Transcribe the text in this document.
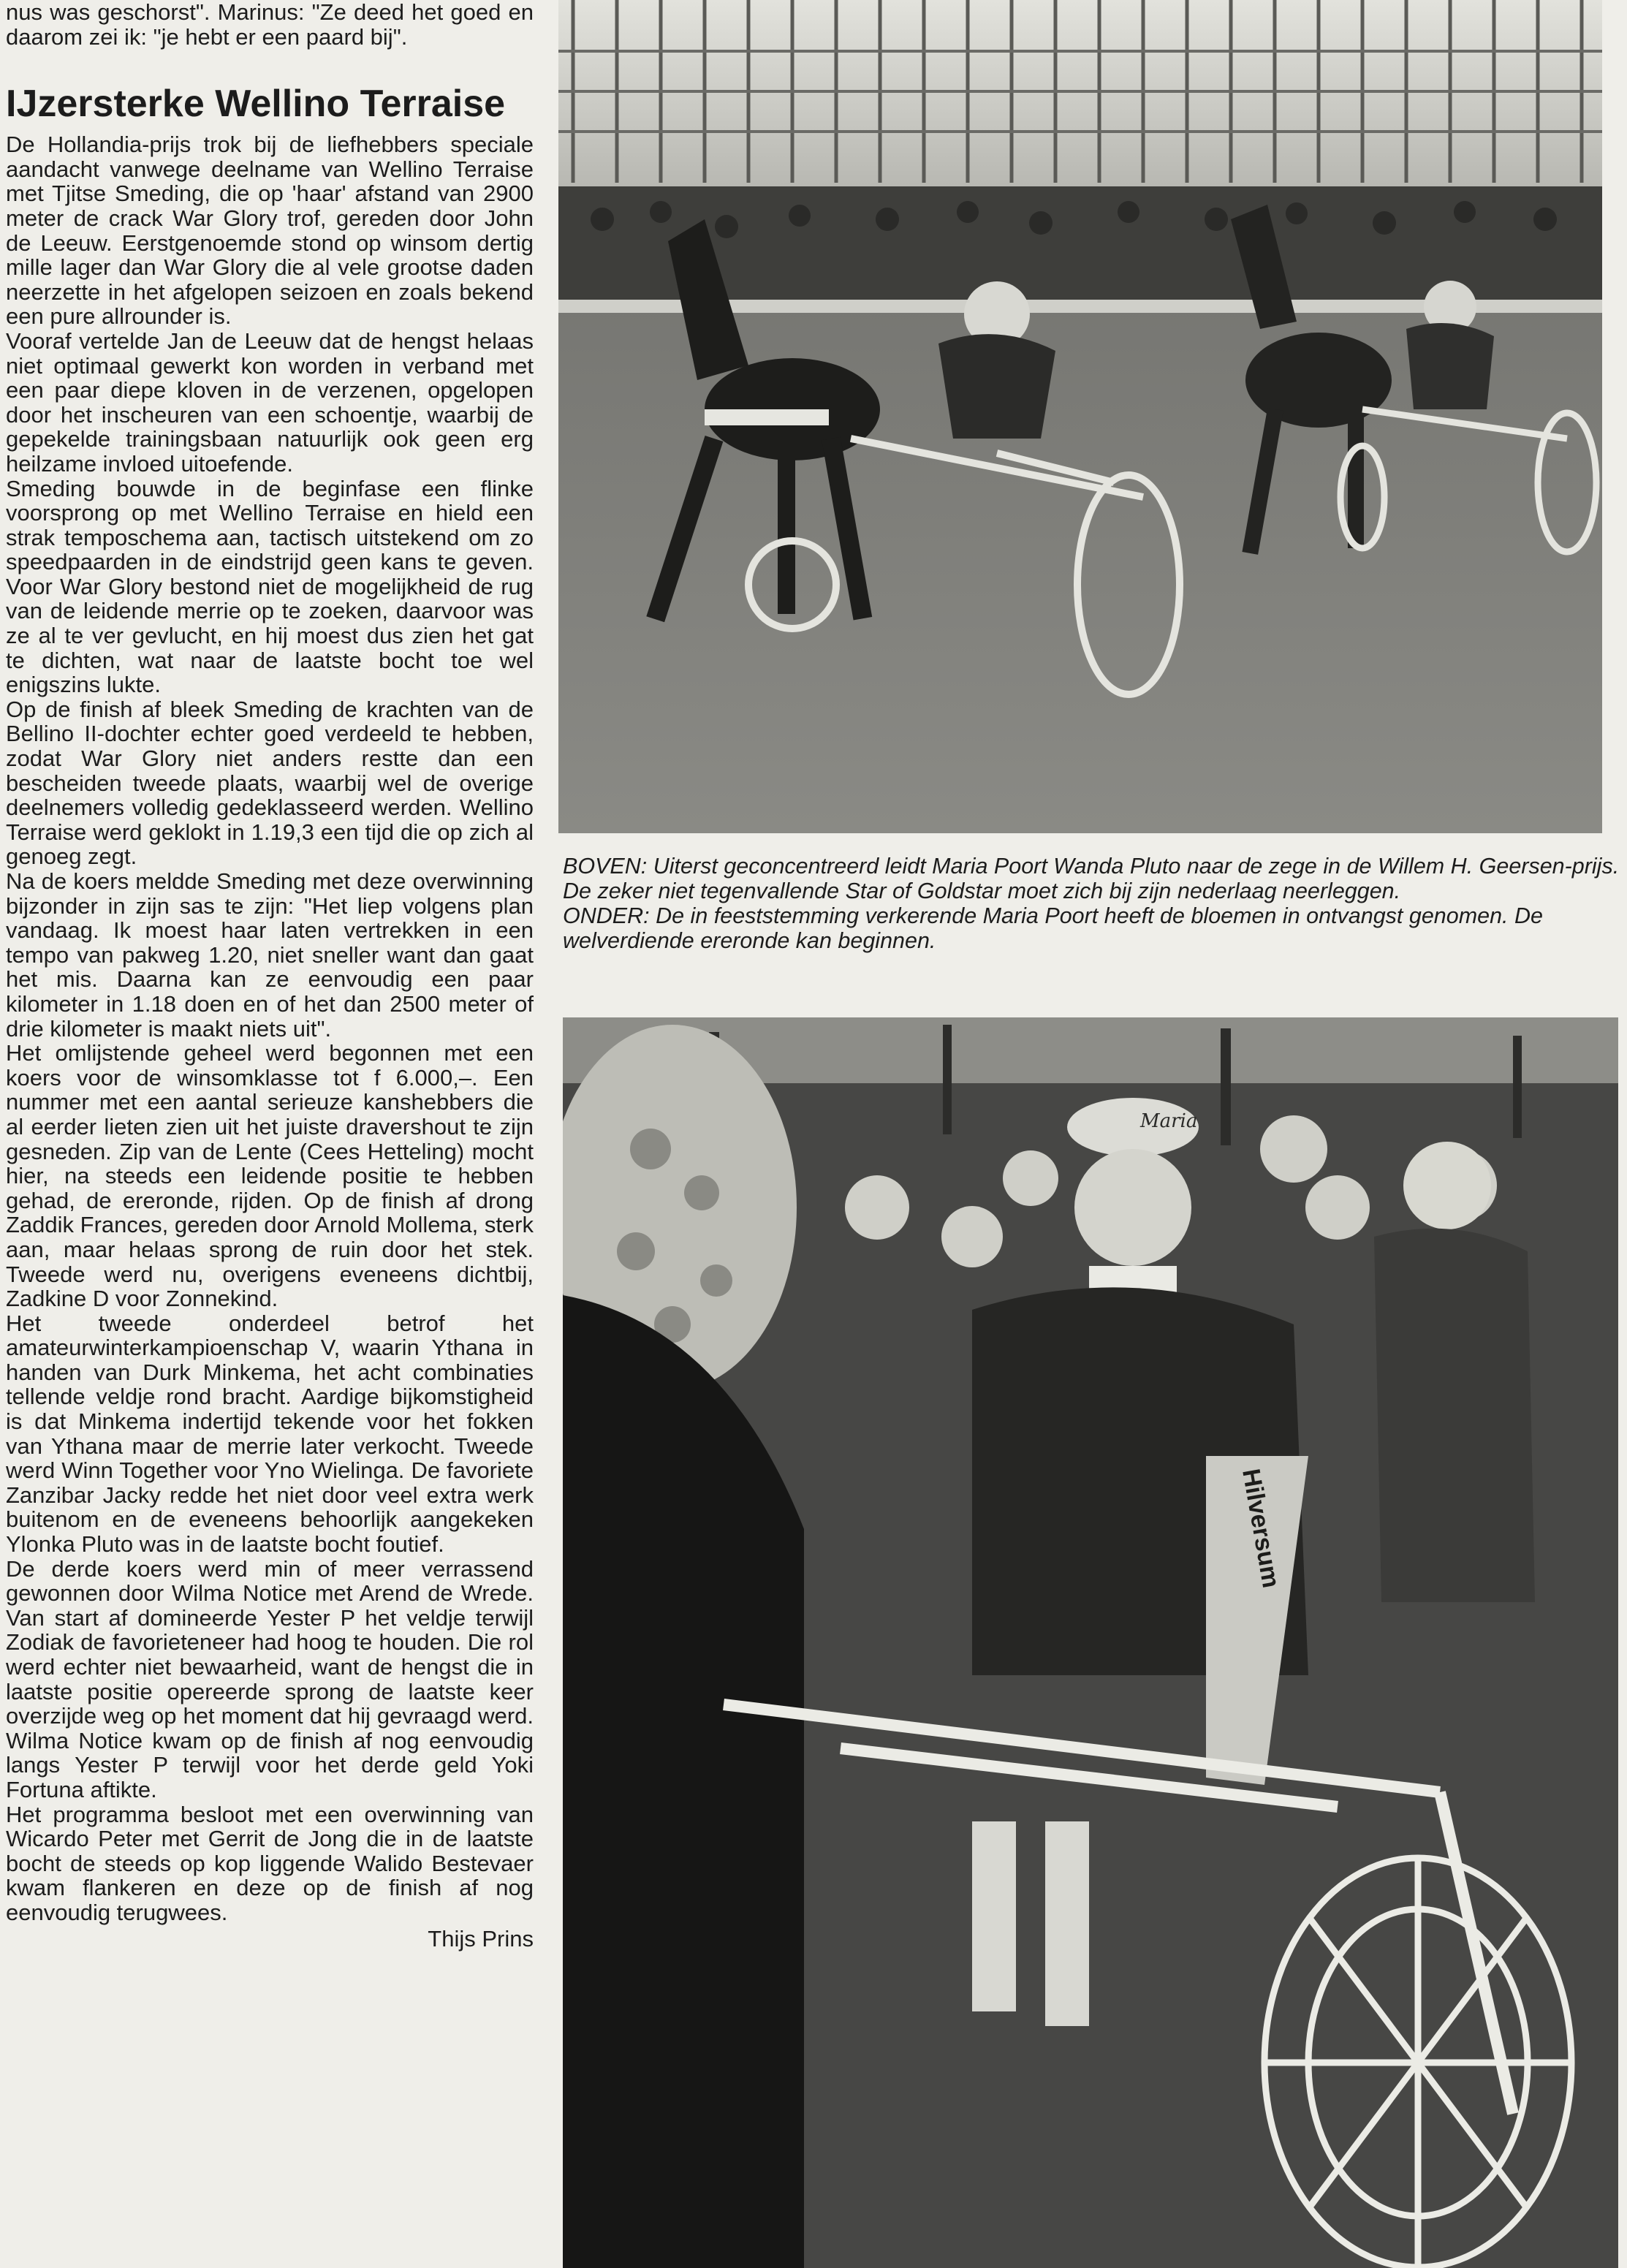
nus was geschorst". Marinus: "Ze deed het goed en daarom zei ik: "je hebt er een paard bij".

IJzersterke Wellino Terraise

De Hollandia-prijs trok bij de liefhebbers speciale aandacht vanwege deelname van Wellino Terraise met Tjitse Smeding, die op 'haar' afstand van 2900 meter de crack War Glory trof, gereden door John de Leeuw. Eerstgenoemde stond op winsom dertig mille lager dan War Glory die al vele grootse daden neerzette in het afgelopen seizoen en zoals bekend een pure allrounder is.

Vooraf vertelde Jan de Leeuw dat de hengst helaas niet optimaal gewerkt kon worden in verband met een paar diepe kloven in de verzenen, opgelopen door het inscheuren van een schoentje, waarbij de gepekelde trainingsbaan natuurlijk ook geen erg heilzame invloed uitoefende.

Smeding bouwde in de beginfase een flinke voorsprong op met Wellino Terraise en hield een strak temposchema aan, tactisch uitstekend om zo speedpaarden in de eindstrijd geen kans te geven. Voor War Glory bestond niet de mogelijkheid de rug van de leidende merrie op te zoeken, daarvoor was ze al te ver gevlucht, en hij moest dus zien het gat te dichten, wat naar de laatste bocht toe wel enigszins lukte.

Op de finish af bleek Smeding de krachten van de Bellino II-dochter echter goed verdeeld te hebben, zodat War Glory niet anders restte dan een bescheiden tweede plaats, waarbij wel de overige deelnemers volledig gedeklasseerd werden. Wellino Terraise werd geklokt in 1.19,3 een tijd die op zich al genoeg zegt.

Na de koers meldde Smeding met deze overwinning bijzonder in zijn sas te zijn: "Het liep volgens plan vandaag. Ik moest haar laten vertrekken in een tempo van pakweg 1.20, niet sneller want dan gaat het mis. Daarna kan ze eenvoudig een paar kilometer in 1.18 doen en of het dan 2500 meter of drie kilometer is maakt niets uit".

Het omlijstende geheel werd begonnen met een koers voor de winsomklasse tot f 6.000,–. Een nummer met een aantal serieuze kanshebbers die al eerder lieten zien uit het juiste dravershout te zijn gesneden. Zip van de Lente (Cees Hetteling) mocht hier, na steeds een leidende positie te hebben gehad, de ereronde, rijden. Op de finish af drong Zaddik Frances, gereden door Arnold Mollema, sterk aan, maar helaas sprong de ruin door het stek. Tweede werd nu, overigens eveneens dichtbij, Zadkine D voor Zonnekind.

Het tweede onderdeel betrof het amateurwinterkampioenschap V, waarin Ythana in handen van Durk Minkema, het acht combinaties tellende veldje rond bracht. Aardige bijkomstigheid is dat Minkema indertijd tekende voor het fokken van Ythana maar de merrie later verkocht. Tweede werd Winn Together voor Yno Wielinga. De favoriete Zanzibar Jacky redde het niet door veel extra werk buitenom en de eveneens behoorlijk aangekeken Ylonka Pluto was in de laatste bocht foutief.

De derde koers werd min of meer verrassend gewonnen door Wilma Notice met Arend de Wrede. Van start af domineerde Yester P het veldje terwijl Zodiak de favorieteneer had hoog te houden. Die rol werd echter niet bewaarheid, want de hengst die in laatste positie opereerde sprong de laatste keer overzijde weg op het moment dat hij gevraagd werd. Wilma Notice kwam op de finish af nog eenvoudig langs Yester P terwijl voor het derde geld Yoki Fortuna aftikte.

Het programma besloot met een overwinning van Wicardo Peter met Gerrit de Jong die in de laatste bocht de steeds op kop liggende Walido Bestevaer kwam flankeren en deze op de finish af nog eenvoudig terugwees.

Thijs Prins

BOVEN: Uiterst geconcentreerd leidt Maria Poort Wanda Pluto naar de zege in de Willem H. Geersen-prijs. De zeker niet tegenvallende Star of Goldstar moet zich bij zijn nederlaag neerleggen.

ONDER: De in feeststemming verkerende Maria Poort heeft de bloemen in ontvangst genomen. De welverdiende ereronde kan beginnen.

Maria
Hilversum
